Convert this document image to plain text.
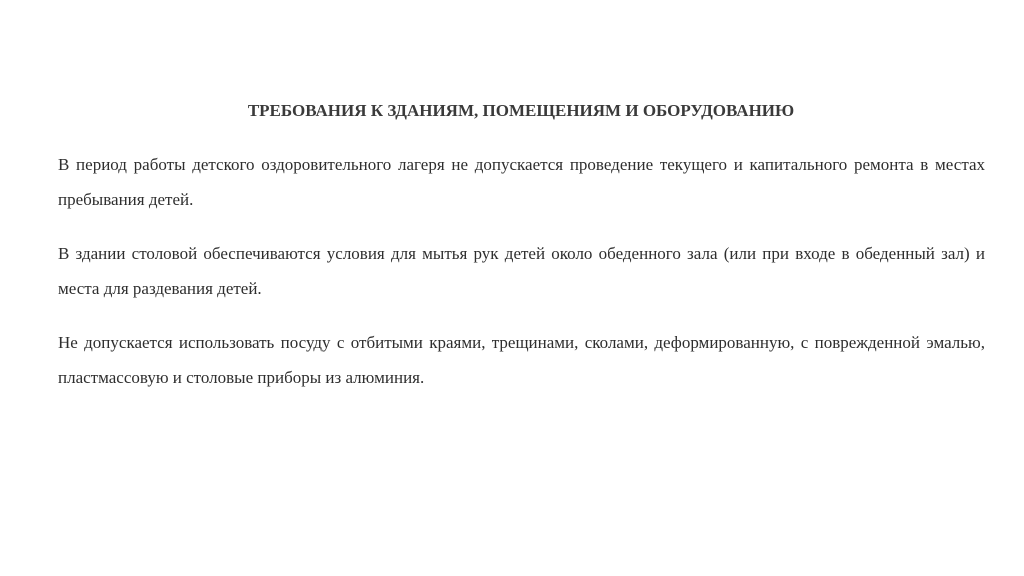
ТРЕБОВАНИЯ К ЗДАНИЯМ, ПОМЕЩЕНИЯМ И ОБОРУДОВАНИЮ
В период работы детского оздоровительного лагеря не допускается проведение текущего и капитального ремонта в местах пребывания детей.
В здании столовой обеспечиваются условия для мытья рук детей около обеденного зала (или при входе в обеденный зал) и места для раздевания детей.
Не допускается использовать посуду с отбитыми краями, трещинами, сколами, деформированную, с поврежденной эмалью, пластмассовую и столовые приборы из алюминия.
